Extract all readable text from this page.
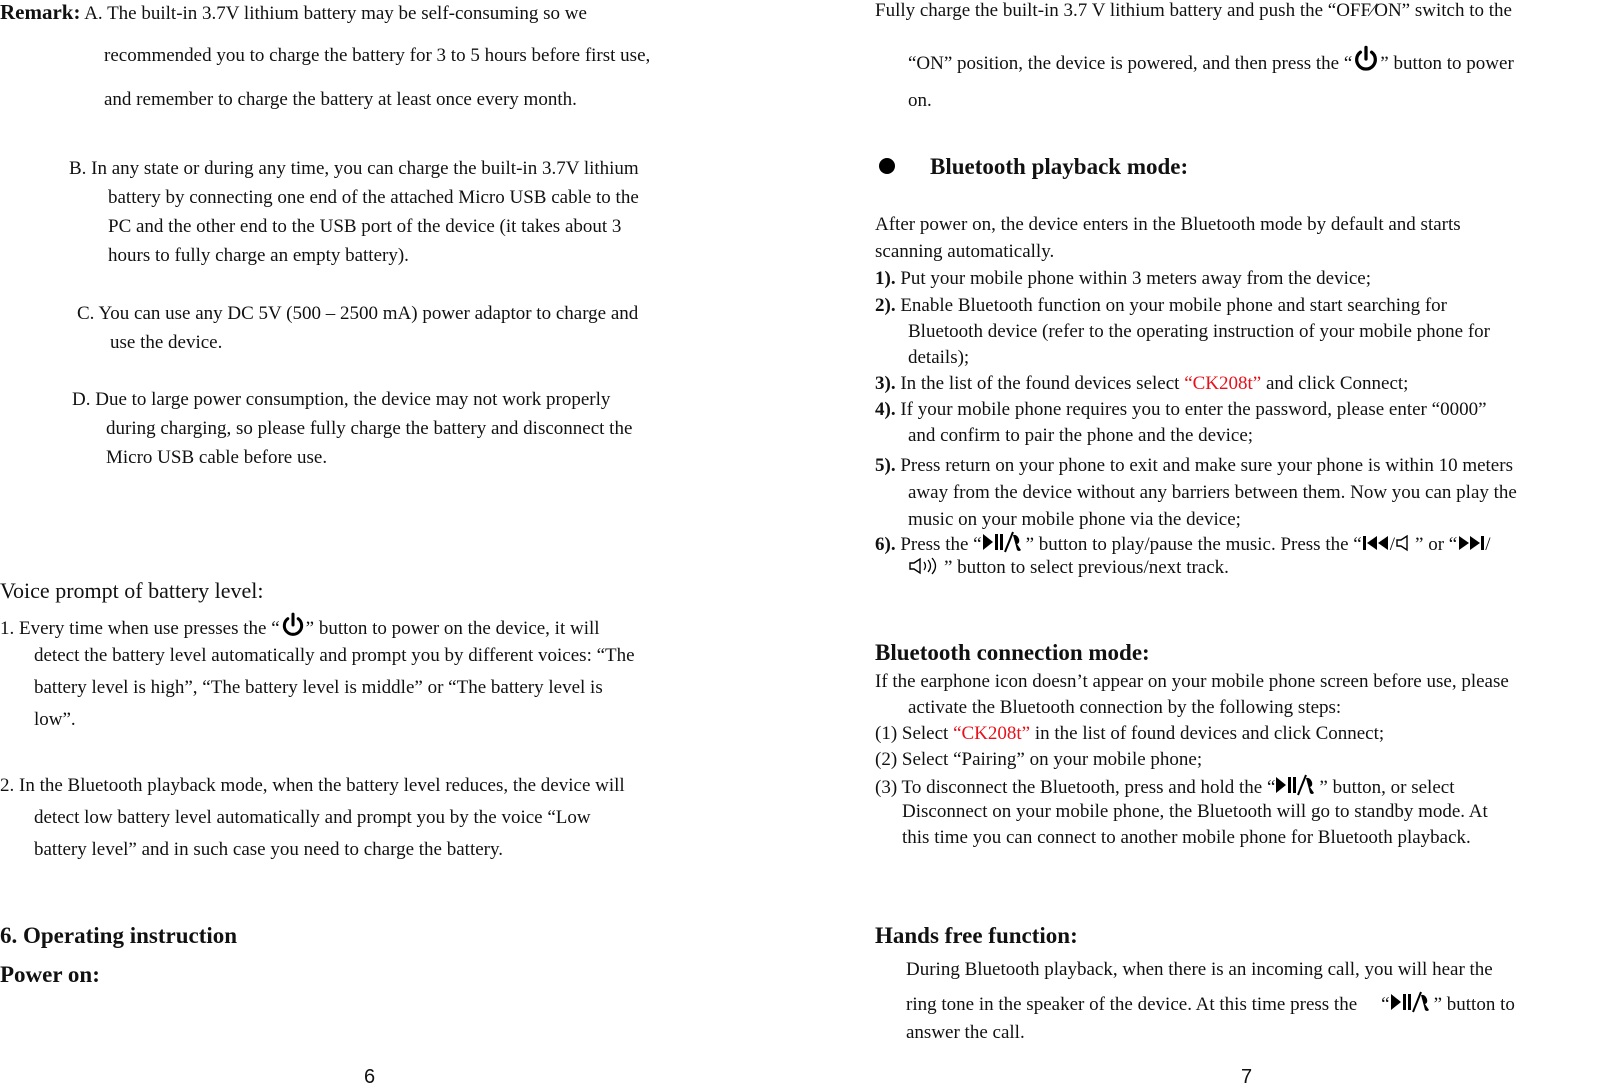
Remark: A. The built-in 3.7V lithium battery may be self-consuming so we
recommended you to charge the battery for 3 to 5 hours before first use,
and remember to charge the battery at least once every month.
B. In any state or during any time, you can charge the built-in 3.7V lithium
battery by connecting one end of the attached Micro USB cable to the
PC and the other end to the USB port of the device (it takes about 3
hours to fully charge an empty battery).
C. You can use any DC 5V (500 – 2500 mA) power adaptor to charge and
use the device.
D. Due to large power consumption, the device may not work properly
during charging, so please fully charge the battery and disconnect the
Micro USB cable before use.
Voice prompt of battery level:
1. Every time when use presses the “ ” button to power on the device, it will
detect the battery level automatically and prompt you by different voices: “The
battery level is high”, “The battery level is middle” or “The battery level is
low”.
2. In the Bluetooth playback mode, when the battery level reduces, the device will
detect low battery level automatically and prompt you by the voice “Low
battery level” and in such case you need to charge the battery.
6. Operating instruction
Power on:
6
Fully charge the built-in 3.7 V lithium battery and push the “OFF⁄ON” switch to the
“ON” position, the device is powered, and then press the “ ” button to power
on.
Bluetooth playback mode:
After power on, the device enters in the Bluetooth mode by default and starts
scanning automatically.
1). Put your mobile phone within 3 meters away from the device;
2). Enable Bluetooth function on your mobile phone and start searching for
Bluetooth device (refer to the operating instruction of your mobile phone for
details);
3). In the list of the found devices select “CK208t” and click Connect;
4). If your mobile phone requires you to enter the password, please enter “0000”
and confirm to pair the phone and the device;
5). Press return on your phone to exit and make sure your phone is within 10 meters
away from the device without any barriers between them. Now you can play the
music on your mobile phone via the device;
6). Press the “ ” button to play/pause the music. Press the “ / ” or “ /
” button to select previous/next track.
Bluetooth connection mode:
If the earphone icon doesn’t appear on your mobile phone screen before use, please
activate the Bluetooth connection by the following steps:
(1) Select “CK208t” in the list of found devices and click Connect;
(2) Select “Pairing” on your mobile phone;
(3) To disconnect the Bluetooth, press and hold the “ ” button, or select
Disconnect on your mobile phone, the Bluetooth will go to standby mode. At
this time you can connect to another mobile phone for Bluetooth playback.
Hands free function:
During Bluetooth playback, when there is an incoming call, you will hear the
ring tone in the speaker of the device. At this time press the “ ” button to
answer the call.
7
